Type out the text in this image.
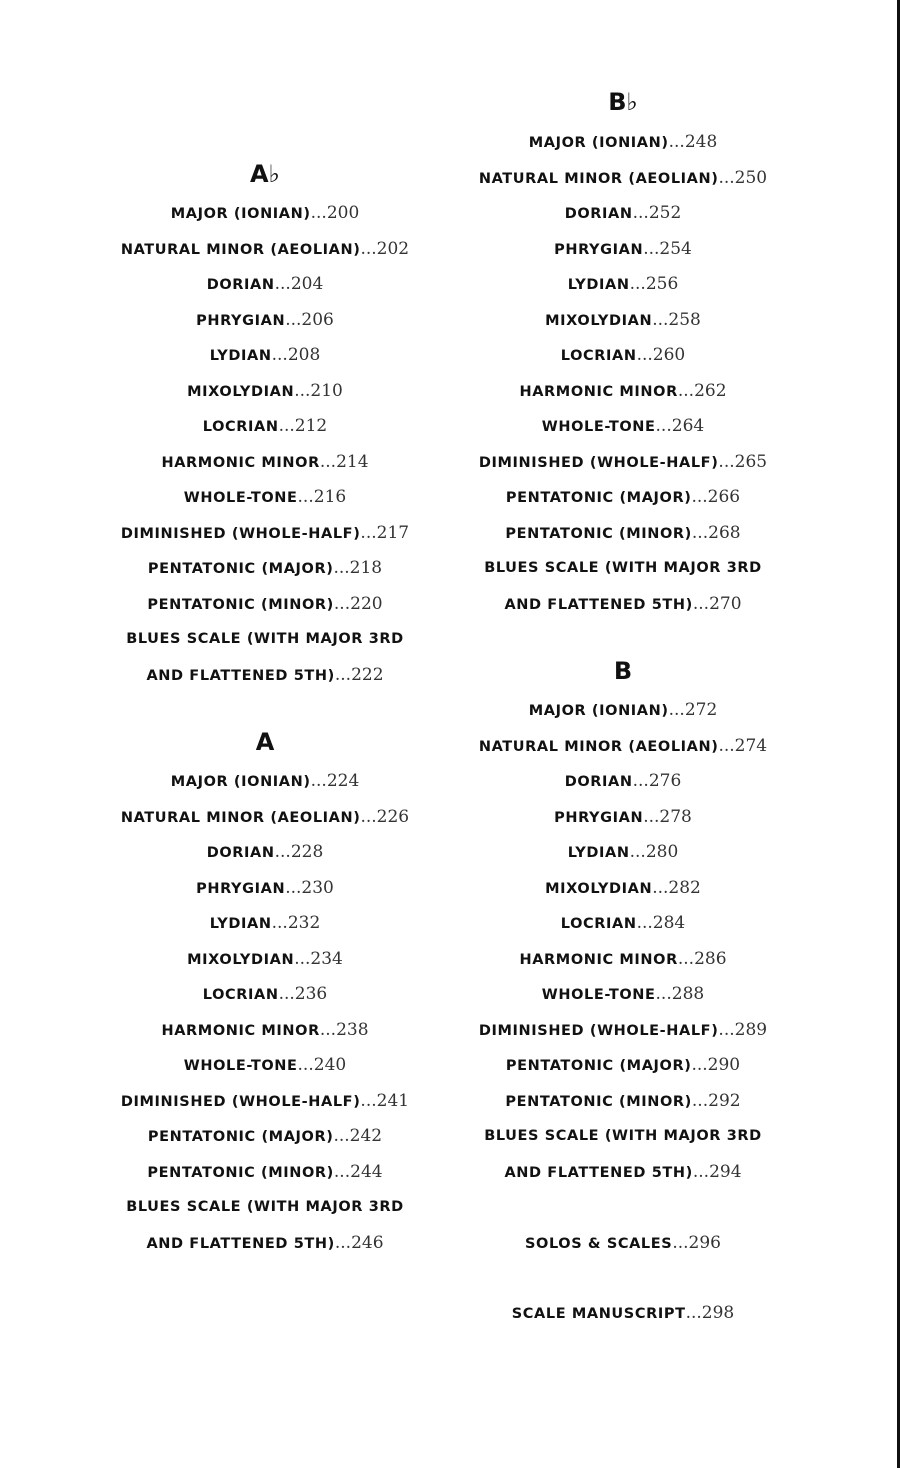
A♭
MAJOR (IONIAN) ... 200
NATURAL MINOR (AEOLIAN) ... 202
DORIAN ... 204
PHRYGIAN ... 206
LYDIAN ... 208
MIXOLYDIAN ... 210
LOCRIAN ... 212
HARMONIC MINOR ... 214
WHOLE-TONE ... 216
DIMINISHED (WHOLE-HALF) ... 217
PENTATONIC (MAJOR) ... 218
PENTATONIC (MINOR) ... 220
BLUES SCALE (WITH MAJOR 3RD
AND FLATTENED 5TH) ... 222
A
MAJOR (IONIAN) ... 224
NATURAL MINOR (AEOLIAN) ... 226
DORIAN ... 228
PHRYGIAN ... 230
LYDIAN ... 232
MIXOLYDIAN ... 234
LOCRIAN ... 236
HARMONIC MINOR ... 238
WHOLE-TONE ... 240
DIMINISHED (WHOLE-HALF) ... 241
PENTATONIC (MAJOR) ... 242
PENTATONIC (MINOR) ... 244
BLUES SCALE (WITH MAJOR 3RD
AND FLATTENED 5TH) ... 246
B♭
MAJOR (IONIAN) ... 248
NATURAL MINOR (AEOLIAN) ... 250
DORIAN ... 252
PHRYGIAN ... 254
LYDIAN ... 256
MIXOLYDIAN ... 258
LOCRIAN ... 260
HARMONIC MINOR ... 262
WHOLE-TONE ... 264
DIMINISHED (WHOLE-HALF) ... 265
PENTATONIC (MAJOR) ... 266
PENTATONIC (MINOR) ... 268
BLUES SCALE (WITH MAJOR 3RD
AND FLATTENED 5TH) ... 270
B
MAJOR (IONIAN) ... 272
NATURAL MINOR (AEOLIAN) ... 274
DORIAN ... 276
PHRYGIAN ... 278
LYDIAN ... 280
MIXOLYDIAN ... 282
LOCRIAN ... 284
HARMONIC MINOR ... 286
WHOLE-TONE ... 288
DIMINISHED (WHOLE-HALF) ... 289
PENTATONIC (MAJOR) ... 290
PENTATONIC (MINOR) ... 292
BLUES SCALE (WITH MAJOR 3RD
AND FLATTENED 5TH) ... 294
SOLOS & SCALES ... 296
SCALE MANUSCRIPT ... 298
